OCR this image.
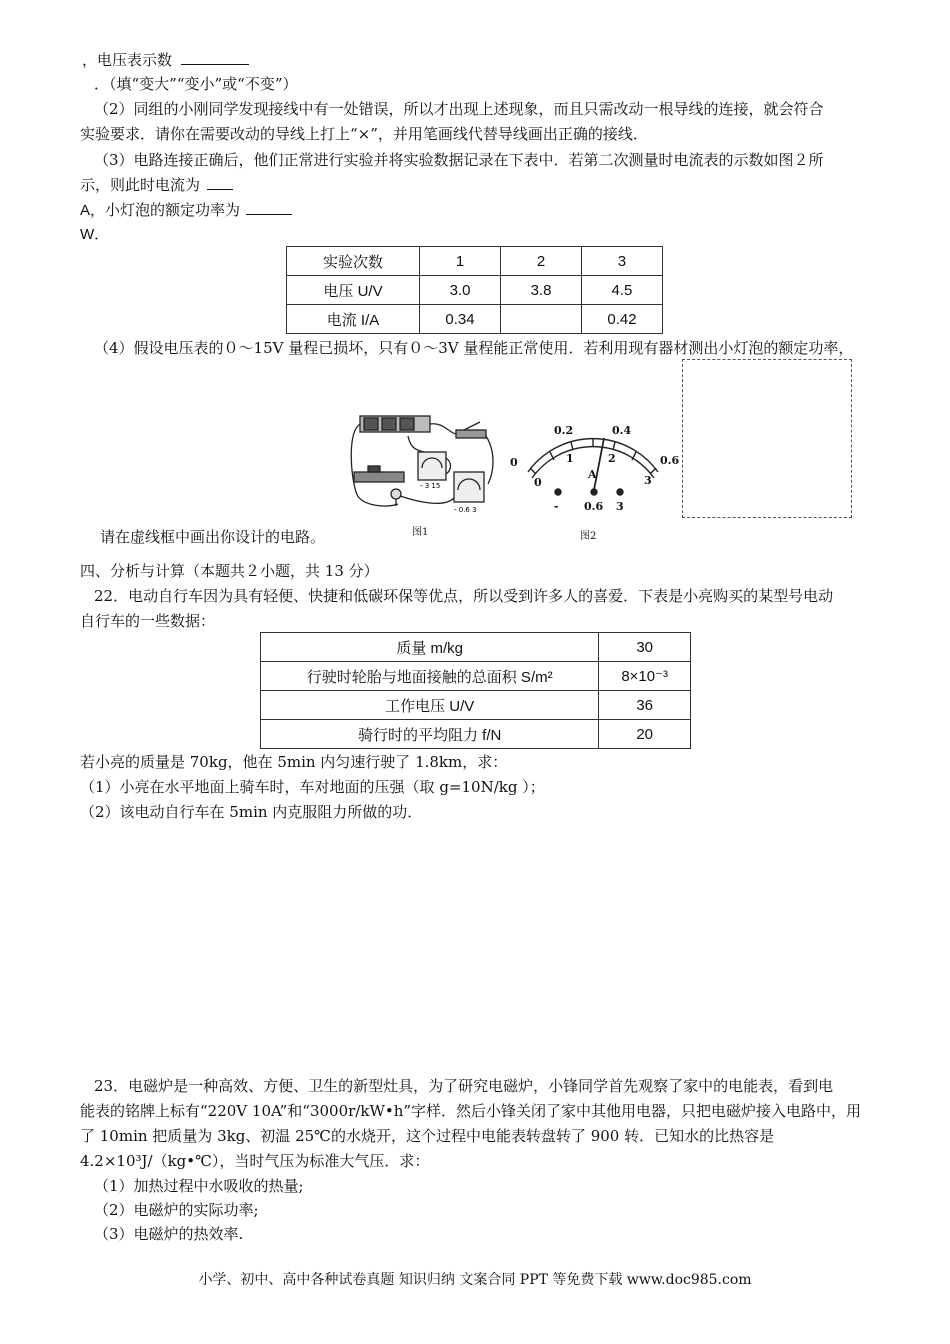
，电压表示数
．（填“变大”“变小”或“不变”）
（2）同组的小刚同学发现接线中有一处错误，所以才出现上述现象，而且只需改动一根导线的连接，就会符合
实验要求．请你在需要改动的导线上打上“×”，并用笔画线代替导线画出正确的接线．
（3）电路连接正确后，他们正常进行实验并将实验数据记录在下表中．若第二次测量时电流表的示数如图２所
示，则此时电流为
A，小灯泡的额定功率为
W．
实验次数	1	2	3
电压 U/V	3.0	3.8	4.5
电流 I/A	0.34		0.42
（4）假设电压表的０～15V 量程已损坏，只有０～3V 量程能正常使用．若利用现有器材测出小灯泡的额定功率，
- 3 15
- 0.6 3
0
0.2	0.4
0.6
0
1	2
3
A
- 0.6 3
请在虚线框中画出你设计的电路。	图1	图2
四、分析与计算（本题共２小题，共 13 分）
22．电动自行车因为具有轻便、快捷和低碳环保等优点，所以受到许多人的喜爱．下表是小亮购买的某型号电动
自行车的一些数据：
质量 m/kg	30
行驶时轮胎与地面接触的总面积 S/m²	8×10⁻³
工作电压 U/V	36
骑行时的平均阻力 f/N	20
若小亮的质量是 70kg，他在 5min 内匀速行驶了 1.8km，求：
（1）小亮在水平地面上骑车时，车对地面的压强（取 g=10N/kg ）；
（2）该电动自行车在 5min 内克服阻力所做的功．
23．电磁炉是一种高效、方便、卫生的新型灶具，为了研究电磁炉，小锋同学首先观察了家中的电能表，看到电
能表的铭牌上标有“220V 10A”和“3000r/kW•h”字样．然后小锋关闭了家中其他用电器，只把电磁炉接入电路中，用
了 10min 把质量为 3kg、初温 25℃的水烧开，这个过程中电能表转盘转了 900 转．已知水的比热容是
4.2×10³J/（kg•℃），当时气压为标准大气压．求：
（1）加热过程中水吸收的热量;
（2）电磁炉的实际功率;
（3）电磁炉的热效率.
小学、初中、高中各种试卷真题 知识归纳 文案合同 PPT 等免费下载 www.doc985.com
